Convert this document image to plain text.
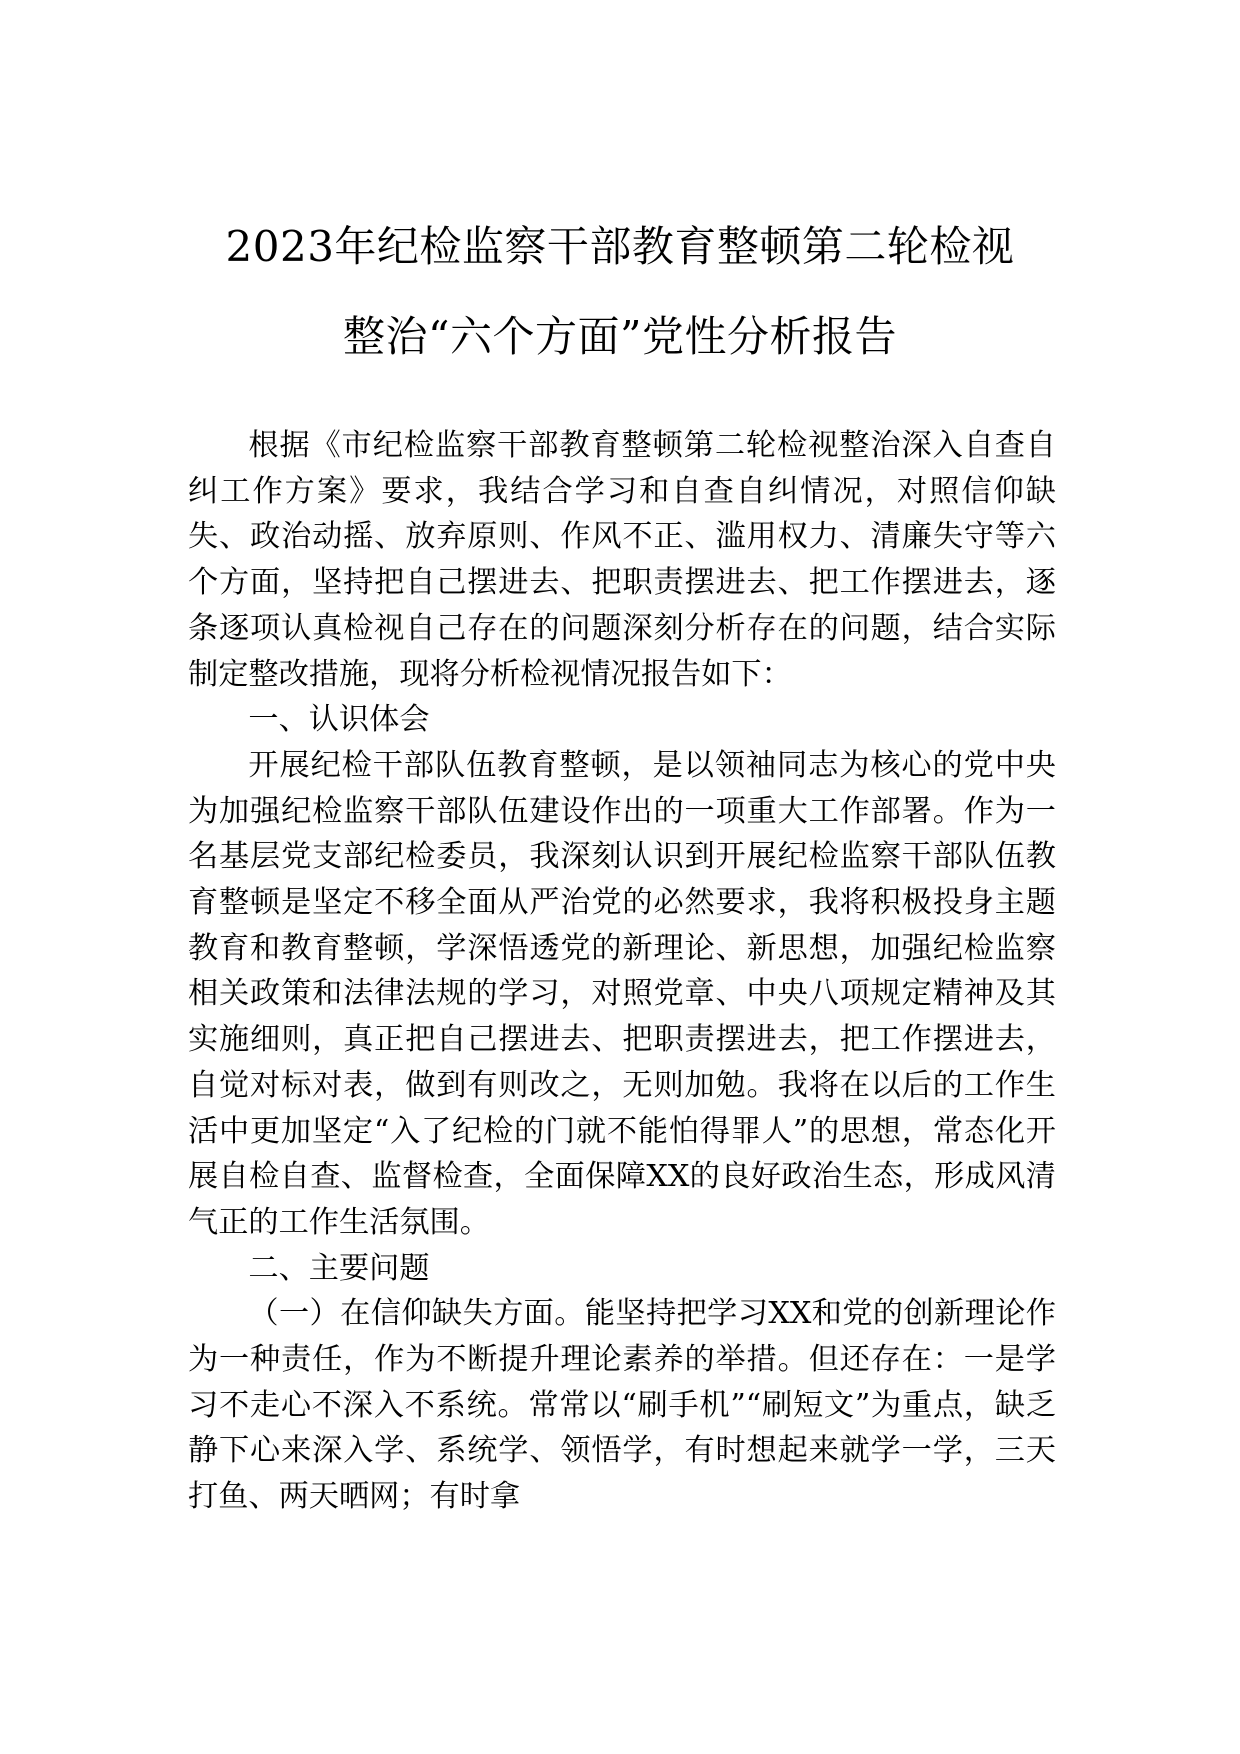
2023年纪检监察干部教育整顿第二轮检视
整治“六个方面”党性分析报告

根据《市纪检监察干部教育整顿第二轮检视整治深入自查自纠工作方案》要求，我结合学习和自查自纠情况，对照信仰缺失、政治动摇、放弃原则、作风不正、滥用权力、清廉失守等六个方面，坚持把自己摆进去、把职责摆进去、把工作摆进去，逐条逐项认真检视自己存在的问题深刻分析存在的问题，结合实际制定整改措施，现将分析检视情况报告如下：

一、认识体会

开展纪检干部队伍教育整顿，是以领袖同志为核心的党中央为加强纪检监察干部队伍建设作出的一项重大工作部署。作为一名基层党支部纪检委员，我深刻认识到开展纪检监察干部队伍教育整顿是坚定不移全面从严治党的必然要求，我将积极投身主题教育和教育整顿，学深悟透党的新理论、新思想，加强纪检监察相关政策和法律法规的学习，对照党章、中央八项规定精神及其实施细则，真正把自己摆进去、把职责摆进去，把工作摆进去，自觉对标对表，做到有则改之，无则加勉。我将在以后的工作生活中更加坚定“入了纪检的门就不能怕得罪人”的思想，常态化开展自检自查、监督检查，全面保障XX的良好政治生态，形成风清气正的工作生活氛围。

二、主要问题

（一）在信仰缺失方面。能坚持把学习XX和党的创新理论作为一种责任，作为不断提升理论素养的举措。但还存在：一是学习不走心不深入不系统。常常以“刷手机”“刷短文”为重点，缺乏静下心来深入学、系统学、领悟学，有时想起来就学一学，三天打鱼、两天晒网；有时拿
